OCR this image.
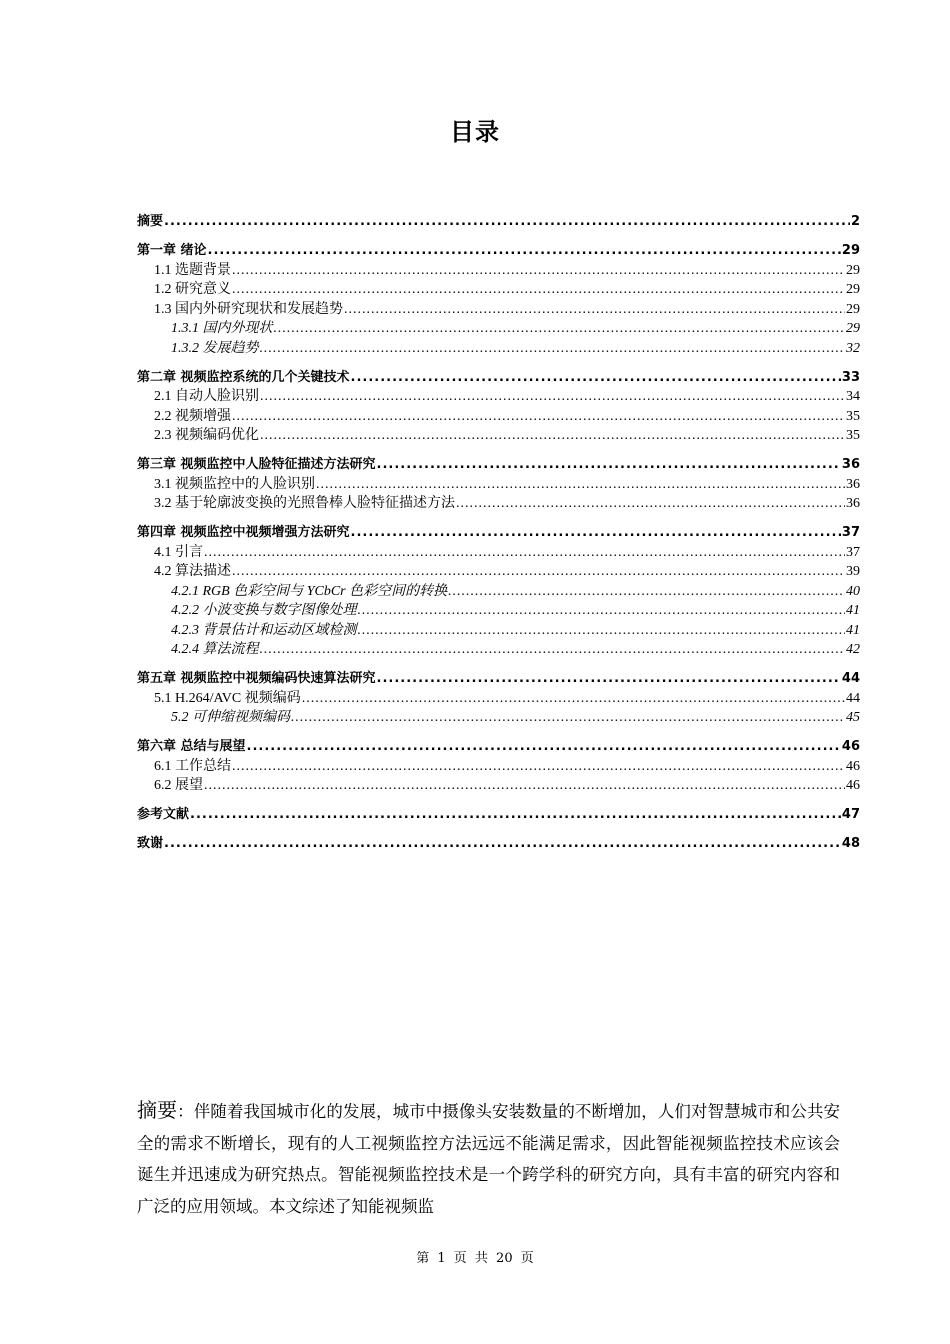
目录
摘要 .....	2
第一章 绪论 .....	29
1.1 选题背景 .....	29
1.2 研究意义 .....	29
1.3 国内外研究现状和发展趋势 .....	29
1.3.1 国内外现状 .....	29
1.3.2 发展趋势 .....	32
第二章 视频监控系统的几个关键技术 .....	33
2.1 自动人脸识别 .....	34
2.2 视频增强 .....	35
2.3 视频编码优化 .....	35
第三章 视频监控中人脸特征描述方法研究 .....	36
3.1 视频监控中的人脸识别 .....	36
3.2 基于轮廓波变换的光照鲁棒人脸特征描述方法 .....	36
第四章 视频监控中视频增强方法研究 .....	37
4.1 引言 .....	37
4.2 算法描述 .....	39
4.2.1 RGB 色彩空间与 YCbCr 色彩空间的转换 .....	40
4.2.2 小波变换与数字图像处理 .....	41
4.2.3 背景估计和运动区域检测 .....	41
4.2.4 算法流程 .....	42
第五章 视频监控中视频编码快速算法研究 .....	44
5.1 H.264/AVC 视频编码 .....	44
5.2 可伸缩视频编码 .....	45
第六章 总结与展望 .....	46
6.1 工作总结 .....	46
6.2 展望 .....	46
参考文献 .....	47
致谢 .....	48
摘要：伴随着我国城市化的发展，城市中摄像头安装数量的不断增加，人们对智慧城市和公共安全的需求不断增长，现有的人工视频监控方法远远不能满足需求，因此智能视频监控技术应该会诞生并迅速成为研究热点。智能视频监控技术是一个跨学科的研究方向，具有丰富的研究内容和广泛的应用领域。本文综述了知能视频监
第 1 页 共 20 页
